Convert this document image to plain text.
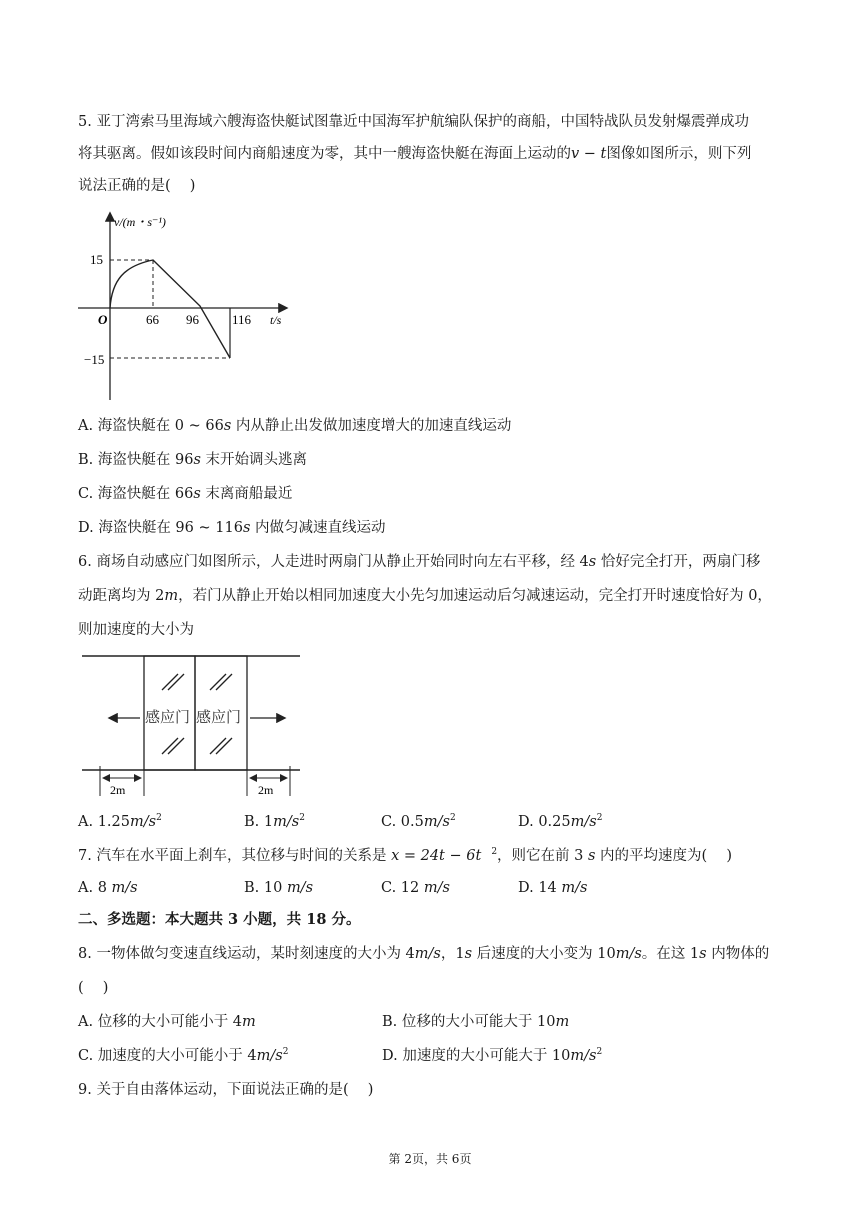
5. 亚丁湾索马里海域六艘海盗快艇试图靠近中国海军护航编队保护的商船，中国特战队员发射爆震弹成功
将其驱离。假如该段时间内商船速度为零，其中一艘海盗快艇在海面上运动的v − t图像如图所示，则下列
说法正确的是(　 )
v/(m・s⁻¹)
t/s
O	66 96	116
15
−15
A. 海盗快艇在 0 ~ 66s 内从静止出发做加速度增大的加速直线运动
B. 海盗快艇在 96s 末开始调头逃离
C. 海盗快艇在 66s 末离商船最近
D. 海盗快艇在 96 ~ 116s 内做匀减速直线运动
6. 商场自动感应门如图所示，人走进时两扇门从静止开始同时向左右平移，经 4s 恰好完全打开，两扇门移
动距离均为 2m，若门从静止开始以相同加速度大小先匀加速运动后匀减速运动，完全打开时速度恰好为 0，
则加速度的大小为
感应门 感应门
2m	2m
A. $1.25m/s^2$	B. $1m/s^2$	C. $0.5m/s^2$	D. $0.25m/s^2$
7. 汽车在水平面上刹车，其位移与时间的关系是 x = 24t − 6t $^2$，则它在前 3 s 内的平均速度为(　 )
A. 8 m/s	B. 10 m/s	C. 12 m/s	D. 14 m/s
二、多选题：本大题共 3 小题，共 18 分。
8. 一物体做匀变速直线运动，某时刻速度的大小为 4m/s，1s 后速度的大小变为 10m/s。在这 1s 内物体的
(　 )
A. 位移的大小可能小于 4m	B. 位移的大小可能大于 10m
C. 加速度的大小可能小于 $4m/s^2$	D. 加速度的大小可能大于 $10m/s^2$
9. 关于自由落体运动，下面说法正确的是(　 )
第 2页，共 6页
